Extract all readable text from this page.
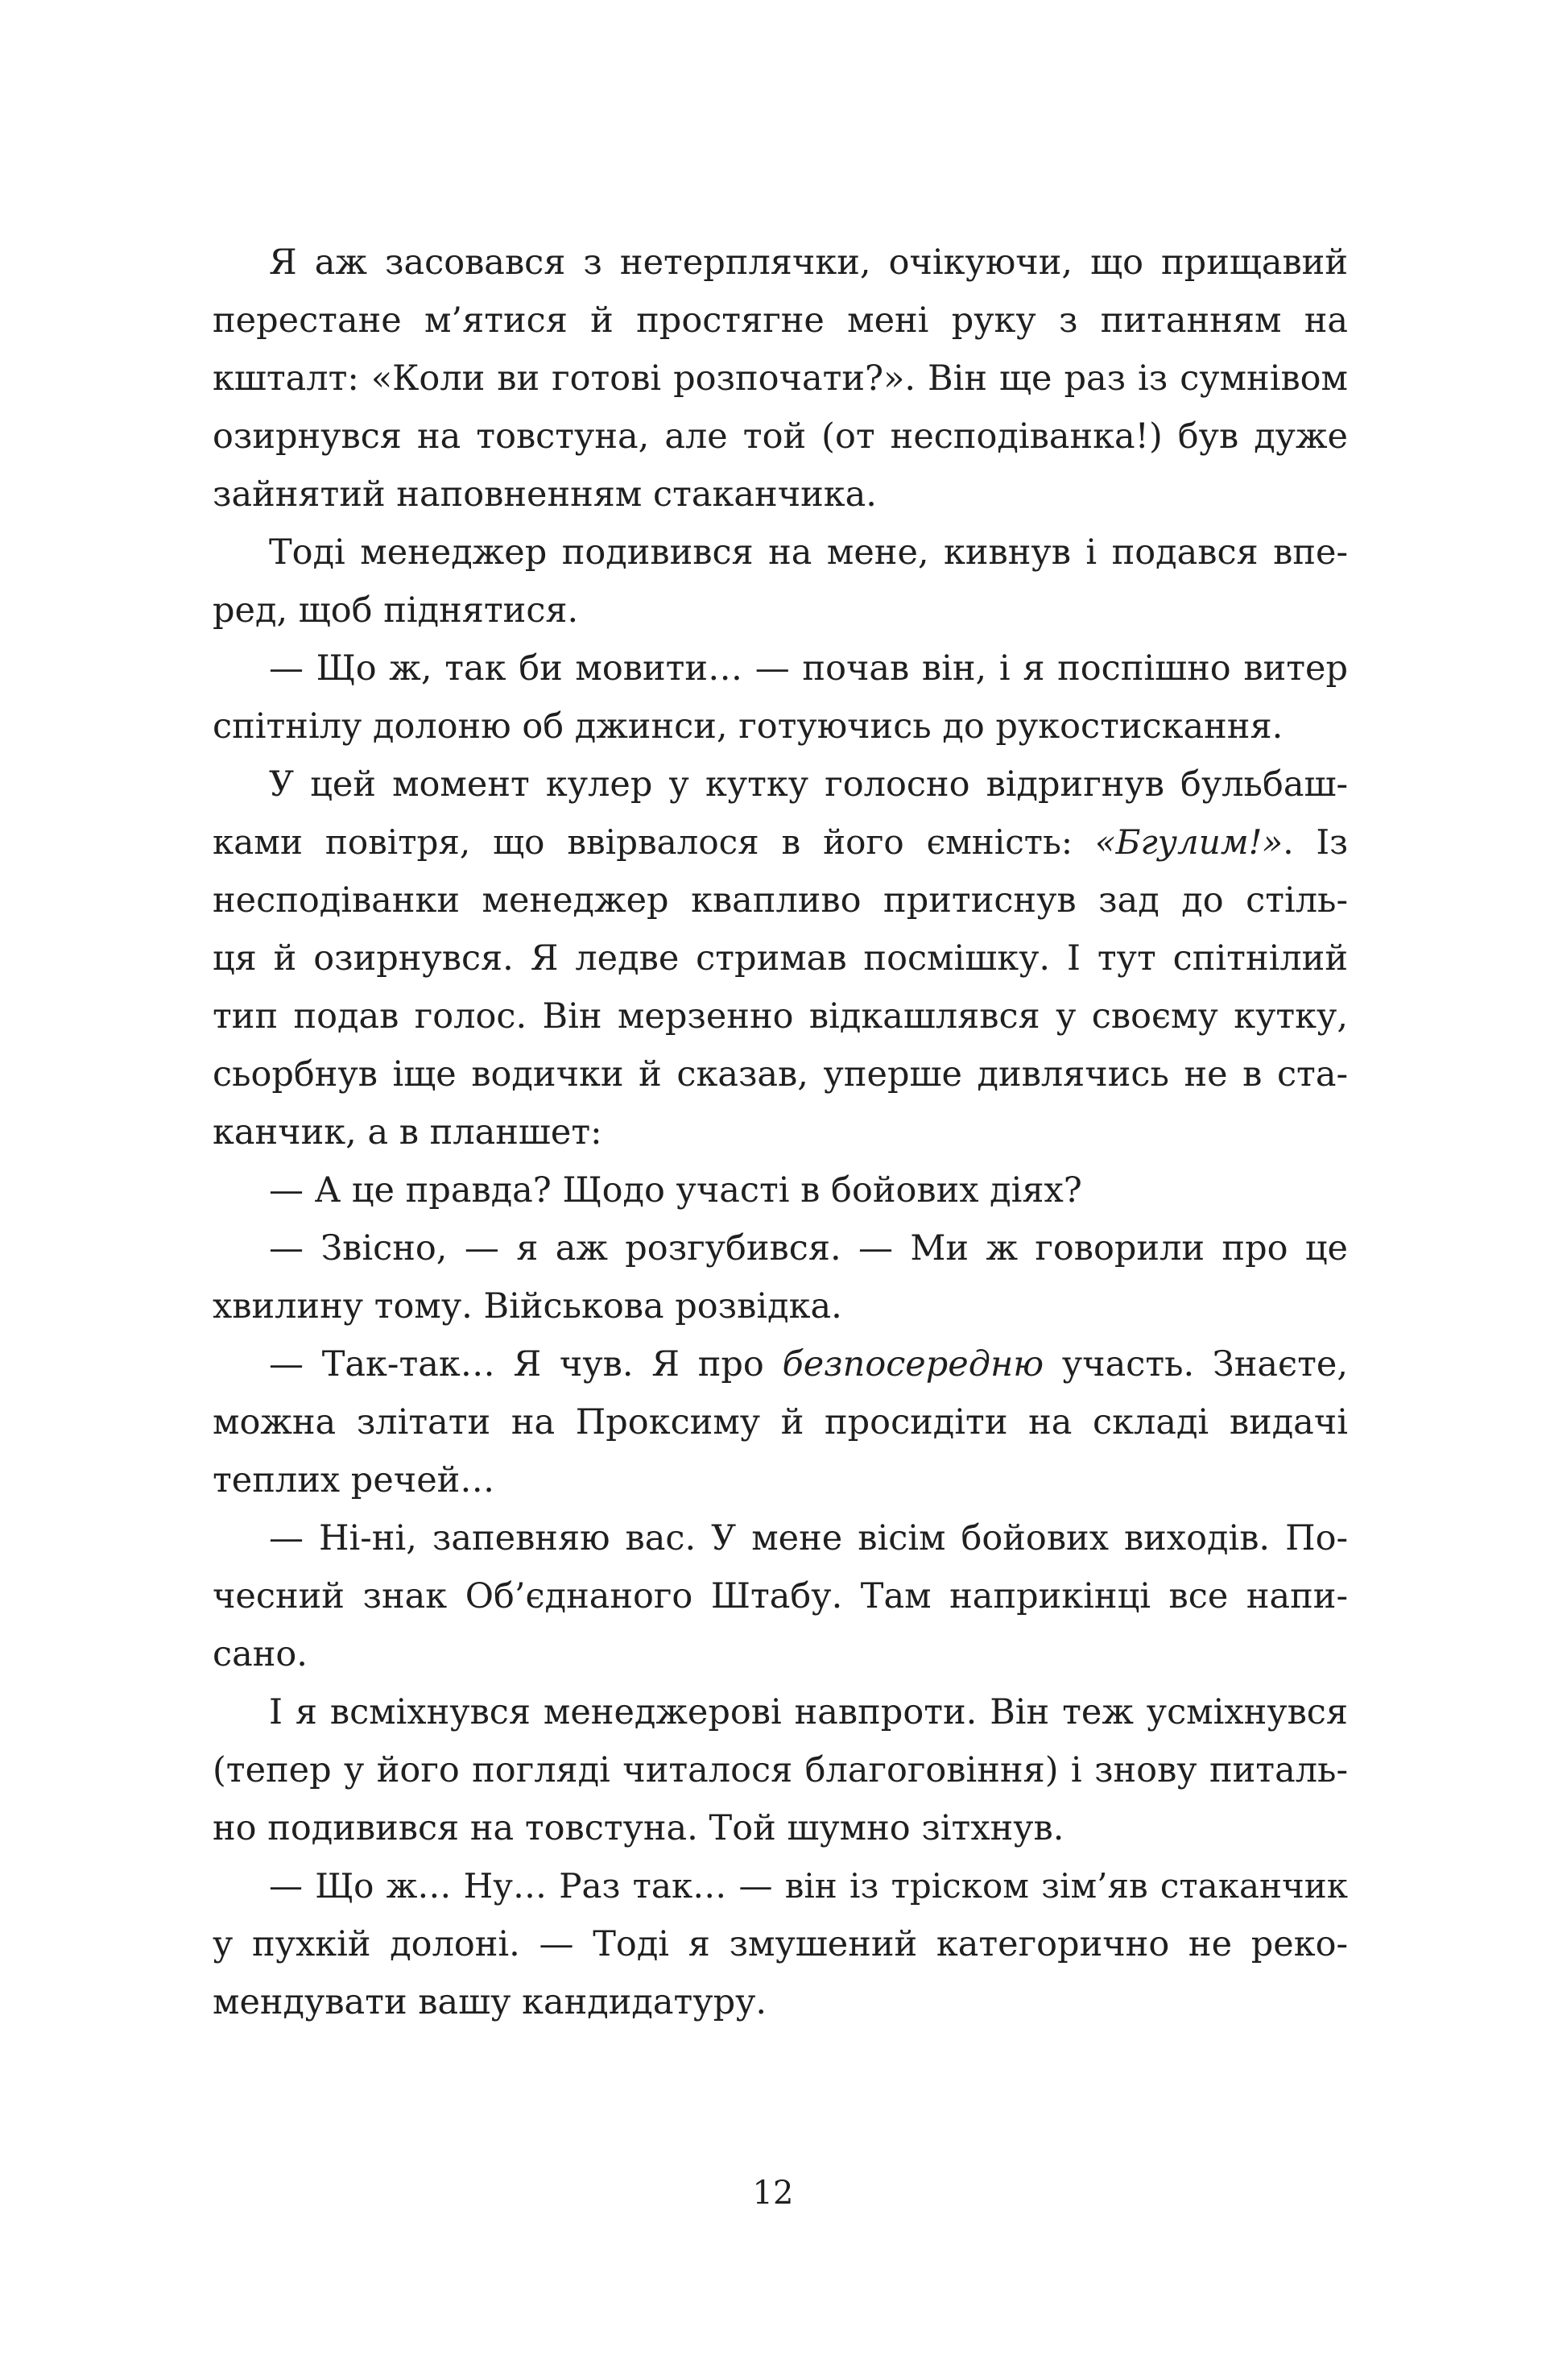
Я аж засовався з нетерплячки, очікуючи, що прищавий
перестане м’ятися й простягне мені руку з питанням на
кшталт: «Коли ви готові розпочати?». Він ще раз із сумнівом
озирнувся на товстуна, але той (от несподіванка!) був дуже
зайнятий наповненням стаканчика.
Тоді менеджер подивився на мене, кивнув і подався впе-
ред, щоб піднятися.
— Що ж, так би мовити… — почав він, і я поспішно витер
спітнілу долоню об джинси, готуючись до рукостискання.
У цей момент кулер у кутку голосно відригнув бульбаш-
ками повітря, що ввірвалося в його ємність: «Бгулим!». Із
несподіванки менеджер квапливо притиснув зад до стіль-
ця й озирнувся. Я ледве стримав посмішку. І тут спітнілий
тип подав голос. Він мерзенно відкашлявся у своєму кутку,
сьорбнув іще водички й сказав, уперше дивлячись не в ста-
канчик, а в планшет:
— А це правда? Щодо участі в бойових діях?
— Звісно, — я аж розгубився. — Ми ж говорили про це
хвилину тому. Військова розвідка.
— Так-так… Я чув. Я про безпосередню участь. Знаєте,
можна злітати на Проксиму й просидіти на складі видачі
теплих речей…
— Ні-ні, запевняю вас. У мене вісім бойових виходів. По-
чесний знак Об’єднаного Штабу. Там наприкінці все напи-
сано.
І я всміхнувся менеджерові навпроти. Він теж усміхнувся
(тепер у його погляді читалося благоговіння) і знову питаль-
но подивився на товстуна. Той шумно зітхнув.
— Що ж… Ну… Раз так… — він із тріском зім’яв стаканчик
у пухкій долоні. — Тоді я змушений категорично не реко-
мендувати вашу кандидатуру.
12
